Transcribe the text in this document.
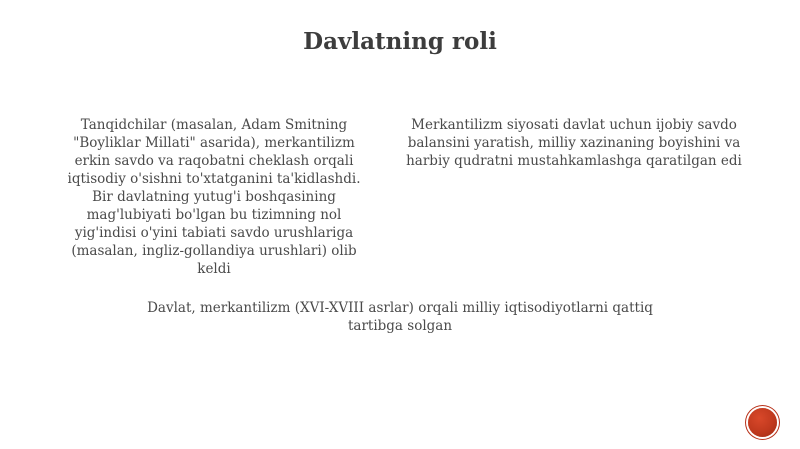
Davlatning roli
Tanqidchilar (masalan, Adam Smitning "Boyliklar Millati" asarida), merkantilizm erkin savdo va raqobatni cheklash orqali iqtisodiy o'sishni to'xtatganini ta'kidlashdi. Bir davlatning yutug'i boshqasining mag'lubiyati bo'lgan bu tizimning nol yig'indisi o'yini tabiati savdo urushlariga (masalan, ingliz-gollandiya urushlari) olib keldi
Merkantilizm siyosati davlat uchun ijobiy savdo balansini yaratish, milliy xazinaning boyishini va harbiy qudratni mustahkamlashga qaratilgan edi
Davlat, merkantilizm (XVI-XVIII asrlar) orqali milliy iqtisodiyotlarni qattiq tartibga solgan
